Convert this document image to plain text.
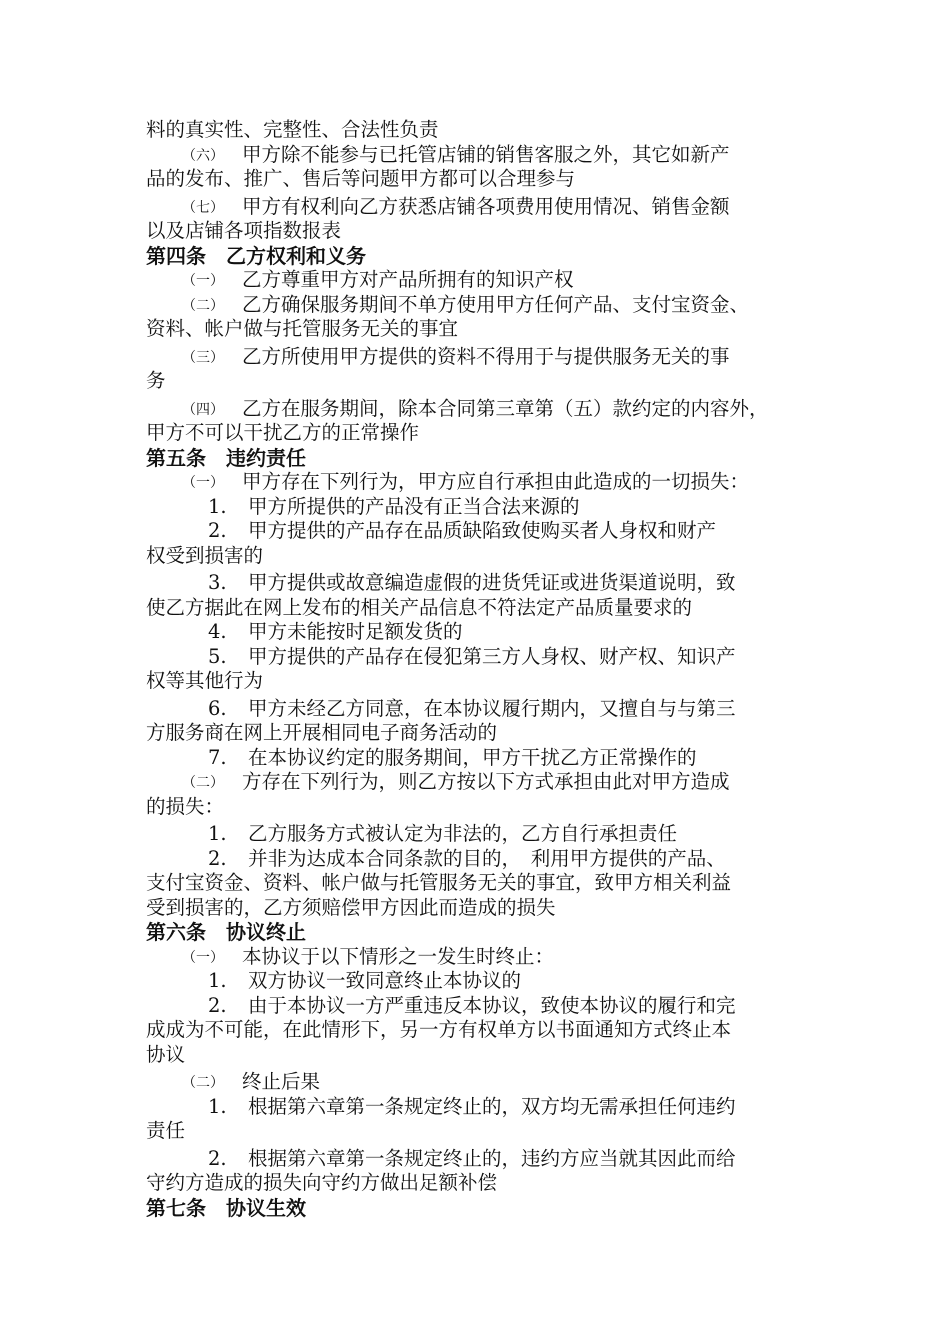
料的真实性、完整性、合法性负责
（六） 甲方除不能参与已托管店铺的销售客服之外，其它如新产
品的发布、推广、售后等问题甲方都可以合理参与
（七） 甲方有权利向乙方获悉店铺各项费用使用情况、销售金额
以及店铺各项指数报表
第四条　乙方权利和义务
（一） 乙方尊重甲方对产品所拥有的知识产权
（二） 乙方确保服务期间不单方使用甲方任何产品、支付宝资金、
资料、帐户做与托管服务无关的事宜
（三） 乙方所使用甲方提供的资料不得用于与提供服务无关的事
务
（四） 乙方在服务期间，除本合同第三章第（五）款约定的内容外，
甲方不可以干扰乙方的正常操作
第五条　违约责任
（一） 甲方存在下列行为，甲方应自行承担由此造成的一切损失：
1. 甲方所提供的产品没有正当合法来源的
2. 甲方提供的产品存在品质缺陷致使购买者人身权和财产
权受到损害的
3. 甲方提供或故意编造虚假的进货凭证或进货渠道说明，致
使乙方据此在网上发布的相关产品信息不符法定产品质量要求的
4. 甲方未能按时足额发货的
5. 甲方提供的产品存在侵犯第三方人身权、财产权、知识产
权等其他行为
6. 甲方未经乙方同意，在本协议履行期内，又擅自与与第三
方服务商在网上开展相同电子商务活动的
7. 在本协议约定的服务期间，甲方干扰乙方正常操作的
（二） 方存在下列行为，则乙方按以下方式承担由此对甲方造成
的损失：
1. 乙方服务方式被认定为非法的，乙方自行承担责任
2. 并非为达成本合同条款的目的，　利用甲方提供的产品、
支付宝资金、资料、帐户做与托管服务无关的事宜，致甲方相关利益
受到损害的，乙方须赔偿甲方因此而造成的损失
第六条　协议终止
（一） 本协议于以下情形之一发生时终止：
1. 双方协议一致同意终止本协议的
2. 由于本协议一方严重违反本协议，致使本协议的履行和完
成成为不可能，在此情形下，另一方有权单方以书面通知方式终止本
协议
（二） 终止后果
1. 根据第六章第一条规定终止的，双方均无需承担任何违约
责任
2. 根据第六章第一条规定终止的，违约方应当就其因此而给
守约方造成的损失向守约方做出足额补偿
第七条　协议生效
